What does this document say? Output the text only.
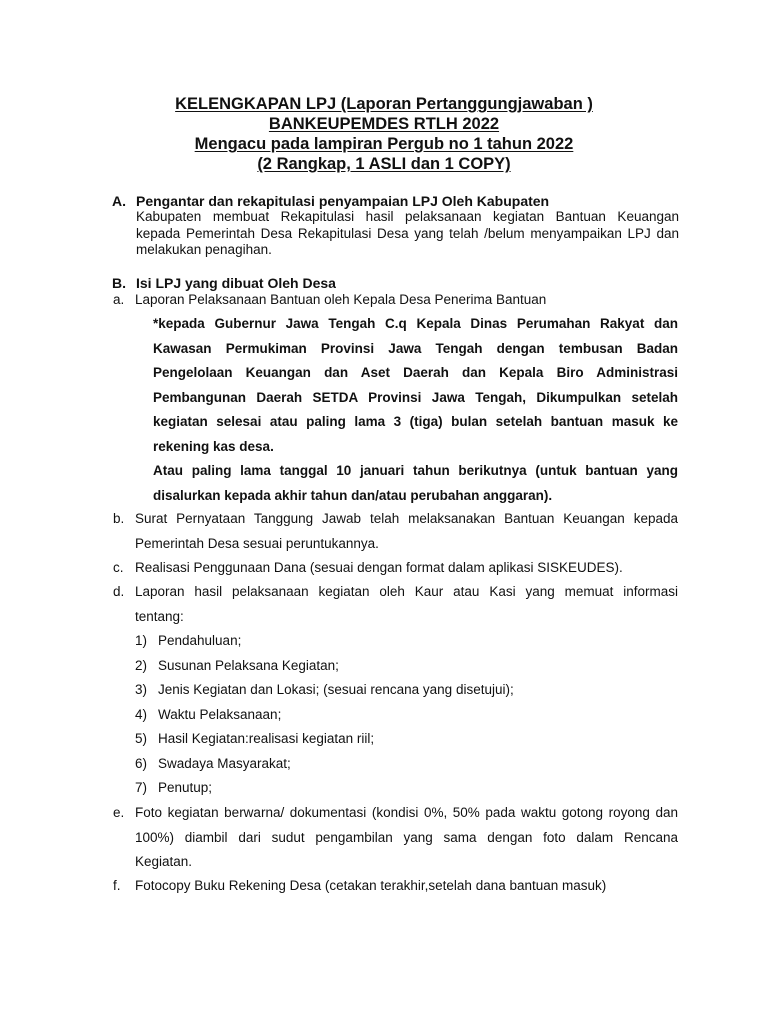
KELENGKAPAN LPJ (Laporan Pertanggungjawaban )
BANKEUPEMDES RTLH 2022
Mengacu pada lampiran Pergub no 1 tahun 2022
(2 Rangkap, 1 ASLI dan 1 COPY)
A. Pengantar dan rekapitulasi penyampaian LPJ Oleh Kabupaten

Kabupaten membuat Rekapitulasi hasil pelaksanaan kegiatan Bantuan Keuangan

kepada Pemerintah Desa Rekapitulasi Desa yang telah /belum menyampaikan LPJ dan

melakukan penagihan.

B. Isi LPJ yang dibuat Oleh Desa
a. Laporan Pelaksanaan Bantuan oleh Kepala Desa Penerima Bantuan

*kepada Gubernur Jawa Tengah C.q Kepala Dinas Perumahan Rakyat dan

Kawasan Permukiman Provinsi Jawa Tengah dengan tembusan Badan

Pengelolaan Keuangan dan Aset Daerah dan Kepala Biro Administrasi

Pembangunan Daerah SETDA Provinsi Jawa Tengah, Dikumpulkan setelah

kegiatan selesai atau paling lama 3 (tiga) bulan setelah bantuan masuk ke

rekening kas desa.

Atau paling lama tanggal 10 januari tahun berikutnya (untuk bantuan yang

disalurkan kepada akhir tahun dan/atau perubahan anggaran).

b. Surat Pernyataan Tanggung Jawab telah melaksanakan Bantuan Keuangan kepada

Pemerintah Desa sesuai peruntukannya.

c. Realisasi Penggunaan Dana (sesuai dengan format dalam aplikasi SISKEUDES).
d. Laporan hasil pelaksanaan kegiatan oleh Kaur atau Kasi yang memuat informasi

tentang:

1) Pendahuluan;
2) Susunan Pelaksana Kegiatan;
3) Jenis Kegiatan dan Lokasi; (sesuai rencana yang disetujui);
4) Waktu Pelaksanaan;
5) Hasil Kegiatan:realisasi kegiatan riil;
6) Swadaya Masyarakat;
7) Penutup;
e. Foto kegiatan berwarna/ dokumentasi (kondisi 0%, 50% pada waktu gotong royong dan

100%) diambil dari sudut pengambilan yang sama dengan foto dalam Rencana

Kegiatan.

f.	Fotocopy Buku Rekening Desa (cetakan terakhir,setelah dana bantuan masuk)
